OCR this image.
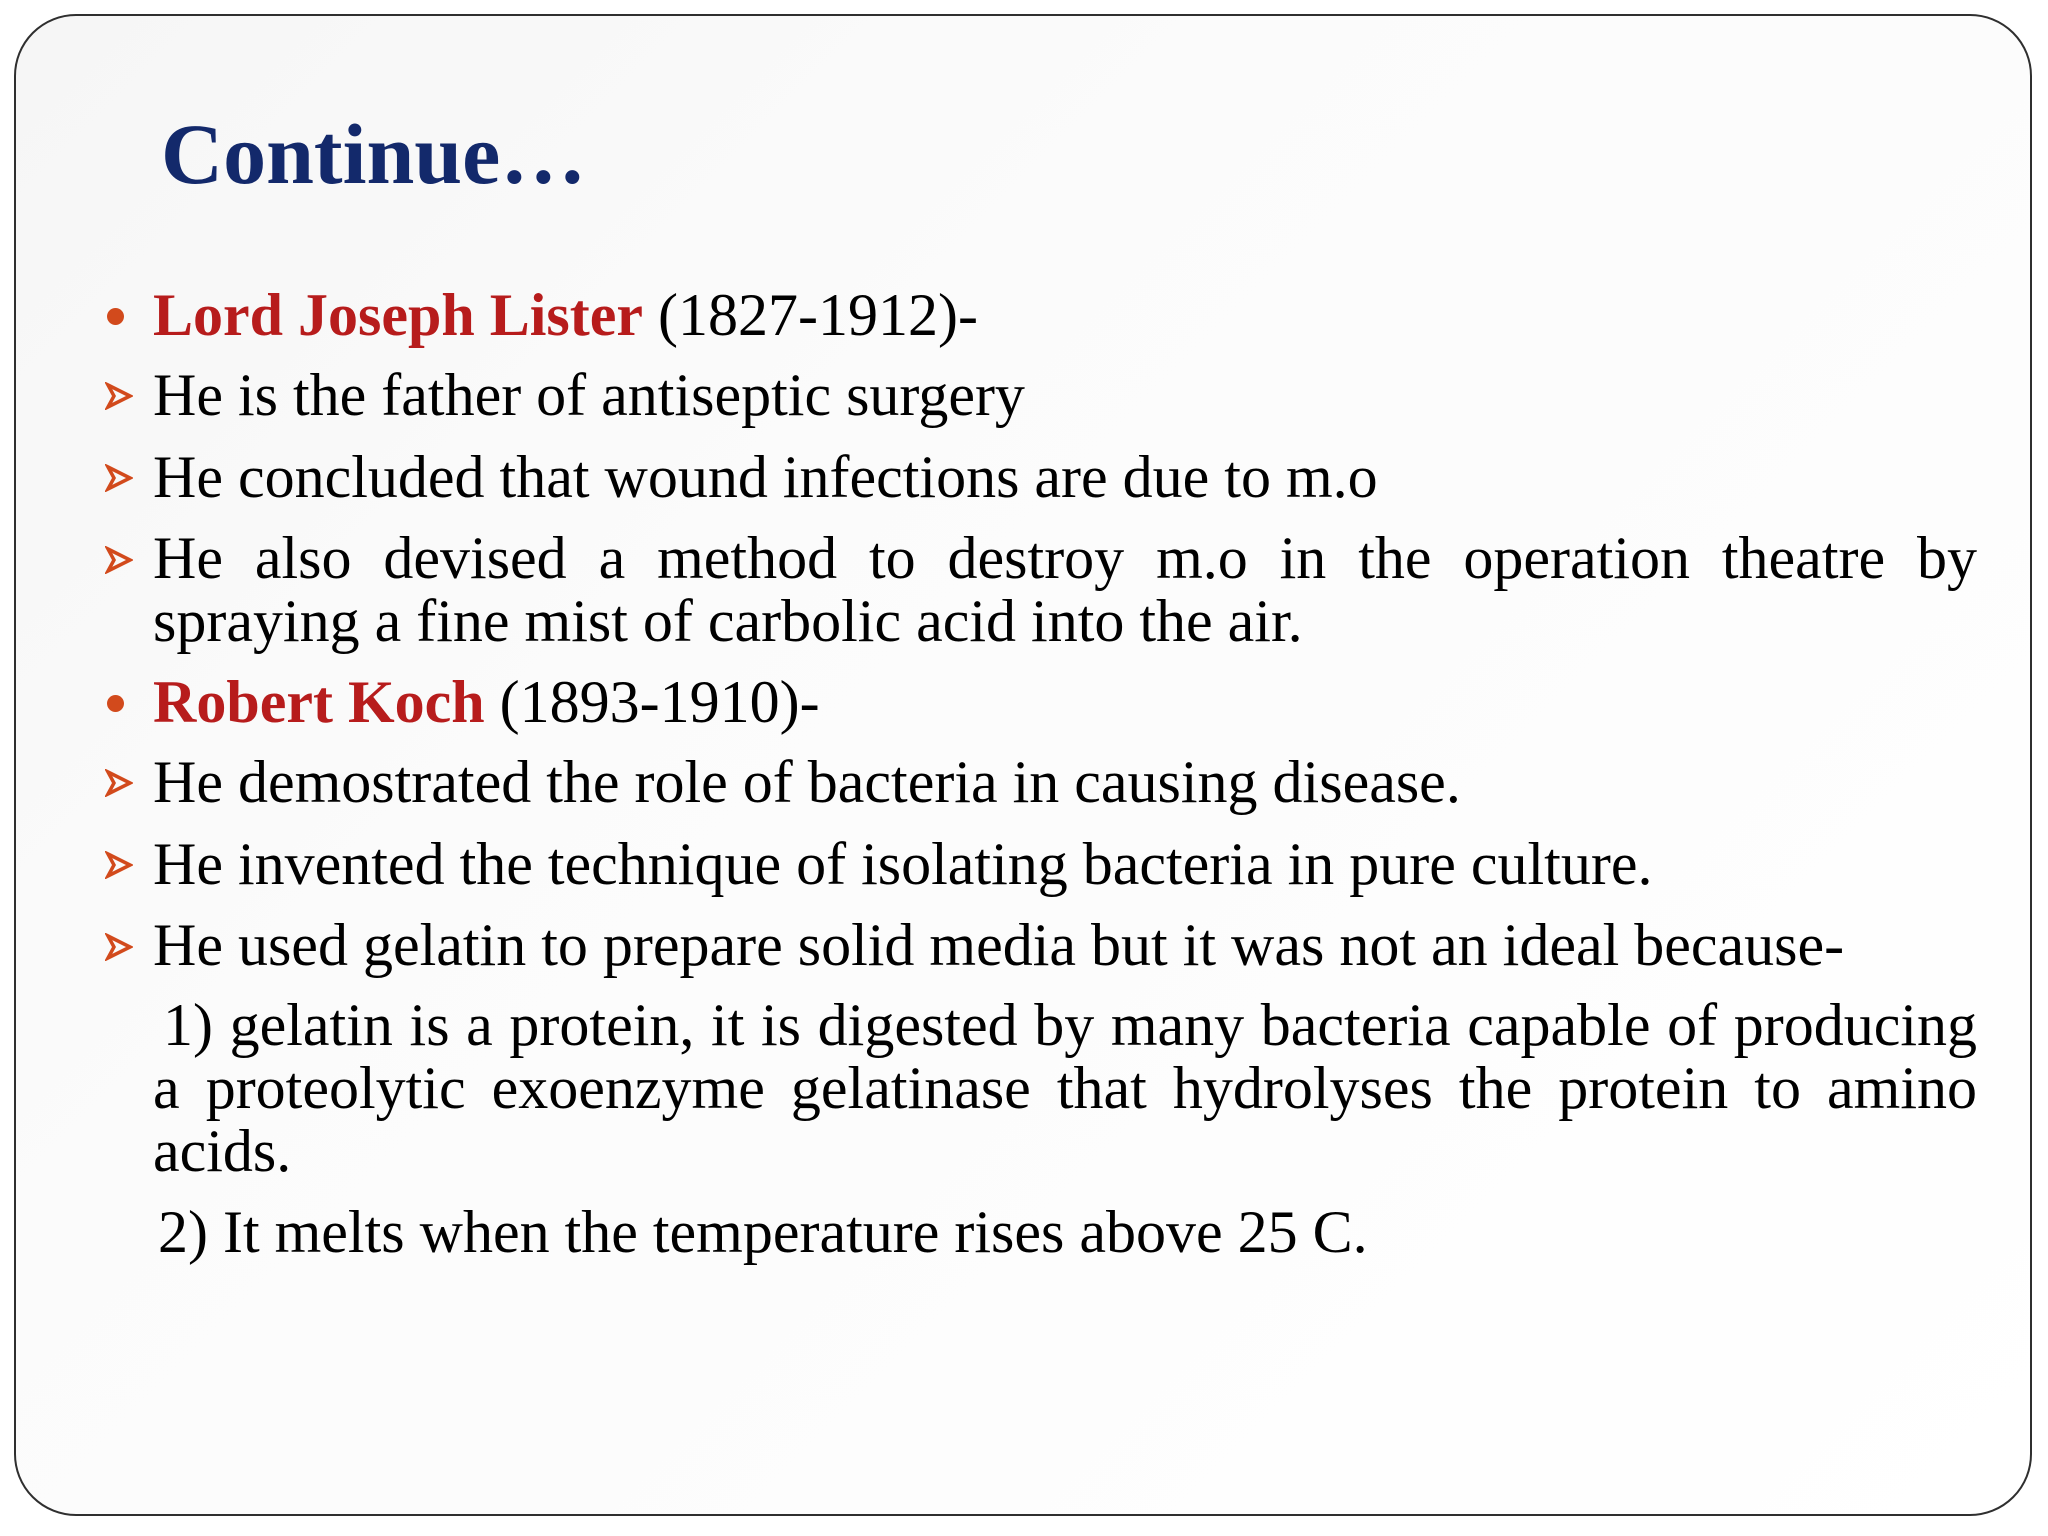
Continue…
Lord Joseph Lister (1827-1912)-
He is the father of antiseptic surgery
He concluded that wound infections are due to m.o
He also devised a method to destroy m.o in the operation theatre by spraying a fine mist of carbolic acid into the air.
Robert Koch (1893-1910)-
He demostrated the role of bacteria in causing disease.
He invented the technique of isolating bacteria in pure culture.
He used gelatin to prepare solid media but it was not an ideal because-

1) gelatin is a protein, it is digested by many bacteria capable of producing a proteolytic exoenzyme gelatinase that hydrolyses the protein to amino acids.

2) It melts when the temperature rises above 25 C.
